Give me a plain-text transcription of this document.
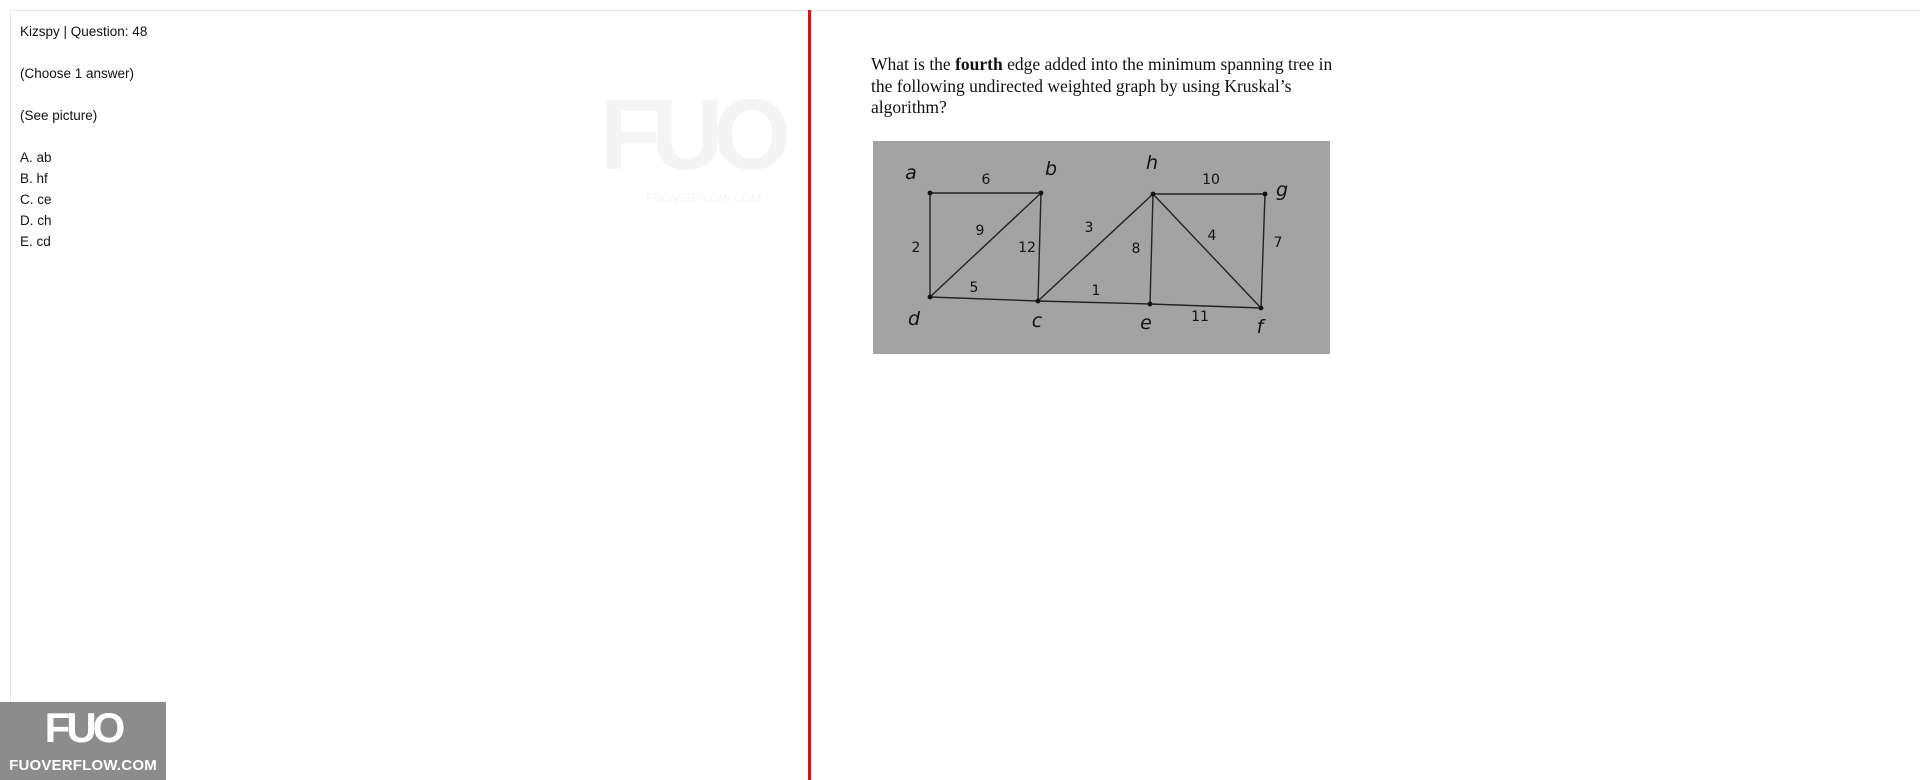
Kizspy | Question: 48
(Choose 1 answer)
(See picture)
A. ab
B. hf
C. ce
D. ch
E. cd
FUO
FUOVERFLOW.COM
What is the fourth edge added into the minimum spanning tree in the following undirected weighted graph by using Kruskal’s algorithm?
6
2
9
12
5
3
1
8
4
10
7
11
a	b	h
g
d	c	e	f
FUO
FUOVERFLOW.COM
